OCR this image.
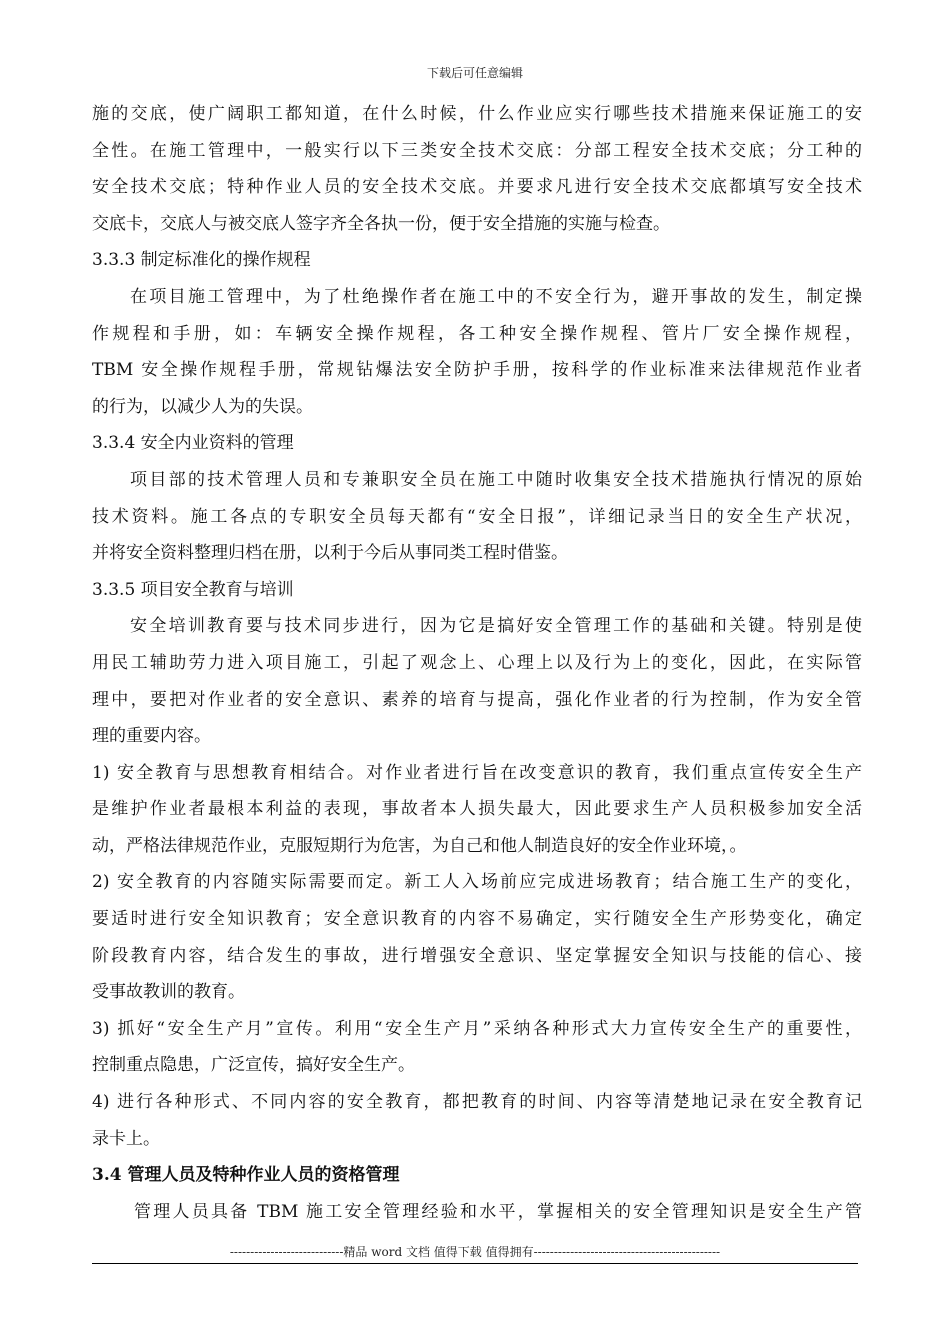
下载后可任意编辑
施的交底，使广阔职工都知道，在什么时候，什么作业应实行哪些技术措施来保证施工的安
全性。在施工管理中，一般实行以下三类安全技术交底：分部工程安全技术交底；分工种的
安全技术交底；特种作业人员的安全技术交底。并要求凡进行安全技术交底都填写安全技术
交底卡，交底人与被交底人签字齐全各执一份，便于安全措施的实施与检查。
3.3.3 制定标准化的操作规程
在项目施工管理中，为了杜绝操作者在施工中的不安全行为，避开事故的发生，制定操
作规程和手册，如：车辆安全操作规程，各工种安全操作规程、管片厂安全操作规程，
TBM 安全操作规程手册，常规钻爆法安全防护手册，按科学的作业标准来法律规范作业者
的行为，以减少人为的失误。
3.3.4 安全内业资料的管理
项目部的技术管理人员和专兼职安全员在施工中随时收集安全技术措施执行情况的原始
技术资料。施工各点的专职安全员每天都有“安全日报”，详细记录当日的安全生产状况，
并将安全资料整理归档在册，以利于今后从事同类工程时借鉴。
3.3.5 项目安全教育与培训
安全培训教育要与技术同步进行，因为它是搞好安全管理工作的基础和关键。特别是使
用民工辅助劳力进入项目施工，引起了观念上、心理上以及行为上的变化，因此，在实际管
理中，要把对作业者的安全意识、素养的培育与提高，强化作业者的行为控制，作为安全管
理的重要内容。
1) 安全教育与思想教育相结合。对作业者进行旨在改变意识的教育，我们重点宣传安全生产
是维护作业者最根本利益的表现，事故者本人损失最大，因此要求生产人员积极参加安全活
动，严格法律规范作业，克服短期行为危害，为自己和他人制造良好的安全作业环境，。
2) 安全教育的内容随实际需要而定。新工人入场前应完成进场教育；结合施工生产的变化，
要适时进行安全知识教育；安全意识教育的内容不易确定，实行随安全生产形势变化，确定
阶段教育内容，结合发生的事故，进行增强安全意识、坚定掌握安全知识与技能的信心、接
受事故教训的教育。
3) 抓好“安全生产月”宣传。利用“安全生产月”采纳各种形式大力宣传安全生产的重要性，
控制重点隐患，广泛宣传，搞好安全生产。
4) 进行各种形式、不同内容的安全教育，都把教育的时间、内容等清楚地记录在安全教育记
录卡上。
3.4 管理人员及特种作业人员的资格管理
管理人员具备 TBM 施工安全管理经验和水平，掌握相关的安全管理知识是安全生产管
----------------------------精品 word 文档 值得下载 值得拥有----------------------------------------------
